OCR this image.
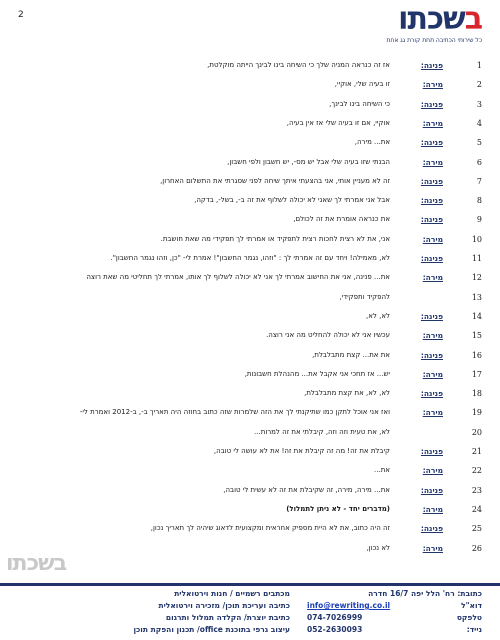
2	בשכתו
כל שירותי הכתיבה תחת קורת גג אחת
1
פנינה:
אז זה כנראה המניה שלך כי השיחה בינו לבינך הייתה מוקלטת,
2
מירה:
זו בעיה שלי, אוקיי,
3
פנינה:
כי השיחה בינו לבינך,
4
מירה:
אוקיי, אם זו בעיה שלי אז אין בעיה,
5
פנינה:
את... מירה,
6
מירה:
הבנתי שזו בעיה שלי אבל יש מס-, יש חשבון ולפי חשבון,
7
פנינה:
זה לא מעניין אותי, אני בהצעתי איתך שיחה לפני שסגרתי את התשלום האחרון,
8
פנינה:
אבל אני אמרתי לך שאני לא יכולה לשלוף את זה ב-, בשל-, בדקה,
9
פנינה:
את כנראה אומרת את זה לכולם,
10
מירה:
אני, את לא רצית לחכות רצית לתפקיד או אמרתי לך תפקידי מה שאת חושבת.
11
פנינה:
לא, מאמילה! ויחד עם זה אמרתי לך : "וזהו, נגמר החשבון"! אמרת לי- "כן, וזהו נגמר החשבון".
12
מירה:
את... פנינה, אני את החישוב אמרתי לך אני לא יכולה לשלוף לך אותו, אמרתי לך תחליטי מה שאת רוצה
13
להפקיד ותפקידי,
14
פנינה:
לא, לא,
15
מירה:
עכשיו אני לא יכולה להחליט מה אני רוצה.
16
פנינה:
את את... קצת מתבלבלת,
17
מירה:
יש... אז תחכי אני אקבל את... מהנהלת חשבונות,
18
פנינה:
לא, לא, את קצת מתבלבלת,
19
מירה:
ואז אני אוכל לתקן כמו שתיקנתי לך את הזה שלמרות שזה כתוב בחוזה היה תאריך ב-, ב-2012 ואמרת לי-
20
לא, את טעית וזה וזה, קיבלתי את זה למרות...
21
פנינה:
קיבלת את זה! מה זה קיבלת את זה! את לא עושה לי טובה,
22
מירה:
את...
23
פנינה:
את... מירה, מירה, זה שקיבלת את זה לא עשית לי טובה,
24
מירה:
(מדברים יחד - לא ניתן לתמלול)
25
פנינה:
זה היה כתוב, את לא היית מספיק אחראית ומקצועית לדאוג שיהיה לך תאריך נכון,
26
מירה:
לא נכון,
בשכתו
כתובת: רח' הלל יפה 16/7 חדרה
דוא"ל
info@rewriting.co.il
טלפקס
074-7026999
נייד:
052-2630093
מכתבים רשמיים / חנות וירטואלית
כתיבה ועריכת תוכן/ מזכירה וירטואלית
כתיבת יוצרת/ הקלדה תמלול ותרגום
עיצוב גרפי בתוכנת office/ תכנון והפקת תוכן
